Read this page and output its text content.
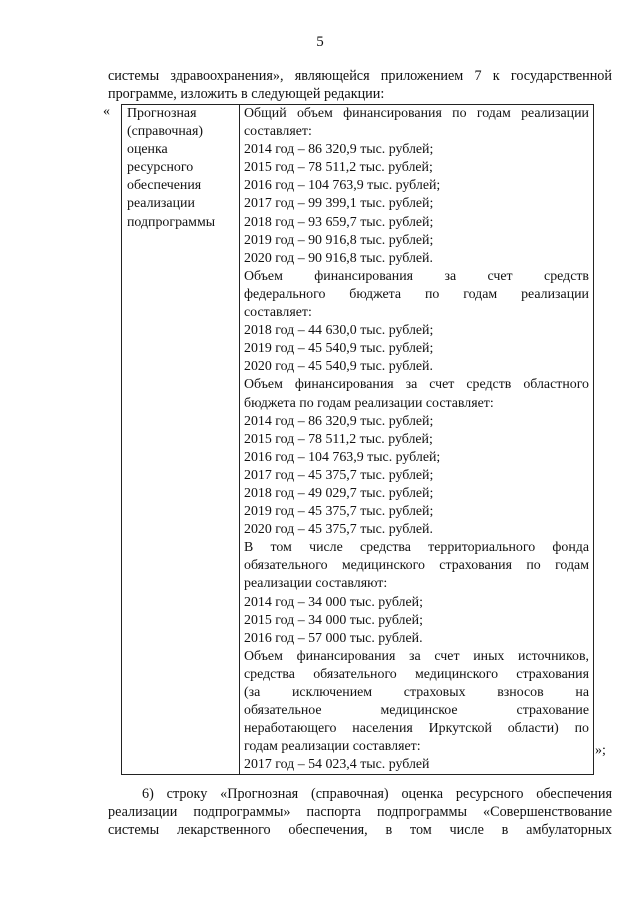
5
системы здравоохранения», являющейся приложением 7 к государственной
программе, изложить в следующей редакции:
« Прогнозная
(справочная)
оценка
ресурсного
обеспечения
реализации
подпрограммы

Общий объем финансирования по годам реализации
составляет:
2014 год – 86 320,9 тыс. рублей;
2015 год – 78 511,2 тыс. рублей;
2016 год – 104 763,9 тыс. рублей;
2017 год – 99 399,1 тыс. рублей;
2018 год – 93 659,7 тыс. рублей;
2019 год – 90 916,8 тыс. рублей;
2020 год – 90 916,8 тыс. рублей.
Объем финансирования за счет средств
федерального бюджета по годам реализации
составляет:
2018 год – 44 630,0 тыс. рублей;
2019 год – 45 540,9 тыс. рублей;
2020 год – 45 540,9 тыс. рублей.
Объем финансирования за счет средств областного
бюджета по годам реализации составляет:
2014 год – 86 320,9 тыс. рублей;
2015 год – 78 511,2 тыс. рублей;
2016 год – 104 763,9 тыс. рублей;
2017 год – 45 375,7 тыс. рублей;
2018 год – 49 029,7 тыс. рублей;
2019 год – 45 375,7 тыс. рублей;
2020 год – 45 375,7 тыс. рублей.
В том числе средства территориального фонда
обязательного медицинского страхования по годам
реализации составляют:
2014 год – 34 000 тыс. рублей;
2015 год – 34 000 тыс. рублей;
2016 год – 57 000 тыс. рублей.
Объем финансирования за счет иных источников,
средства обязательного медицинского страхования
(за исключением страховых взносов на
обязательное медицинское страхование
неработающего населения Иркутской области) по
годам реализации составляет:
2017 год – 54 023,4 тыс. рублей
»;
6) строку «Прогнозная (справочная) оценка ресурсного обеспечения
реализации подпрограммы» паспорта подпрограммы «Совершенствование
системы лекарственного обеспечения, в том числе в амбулаторных
